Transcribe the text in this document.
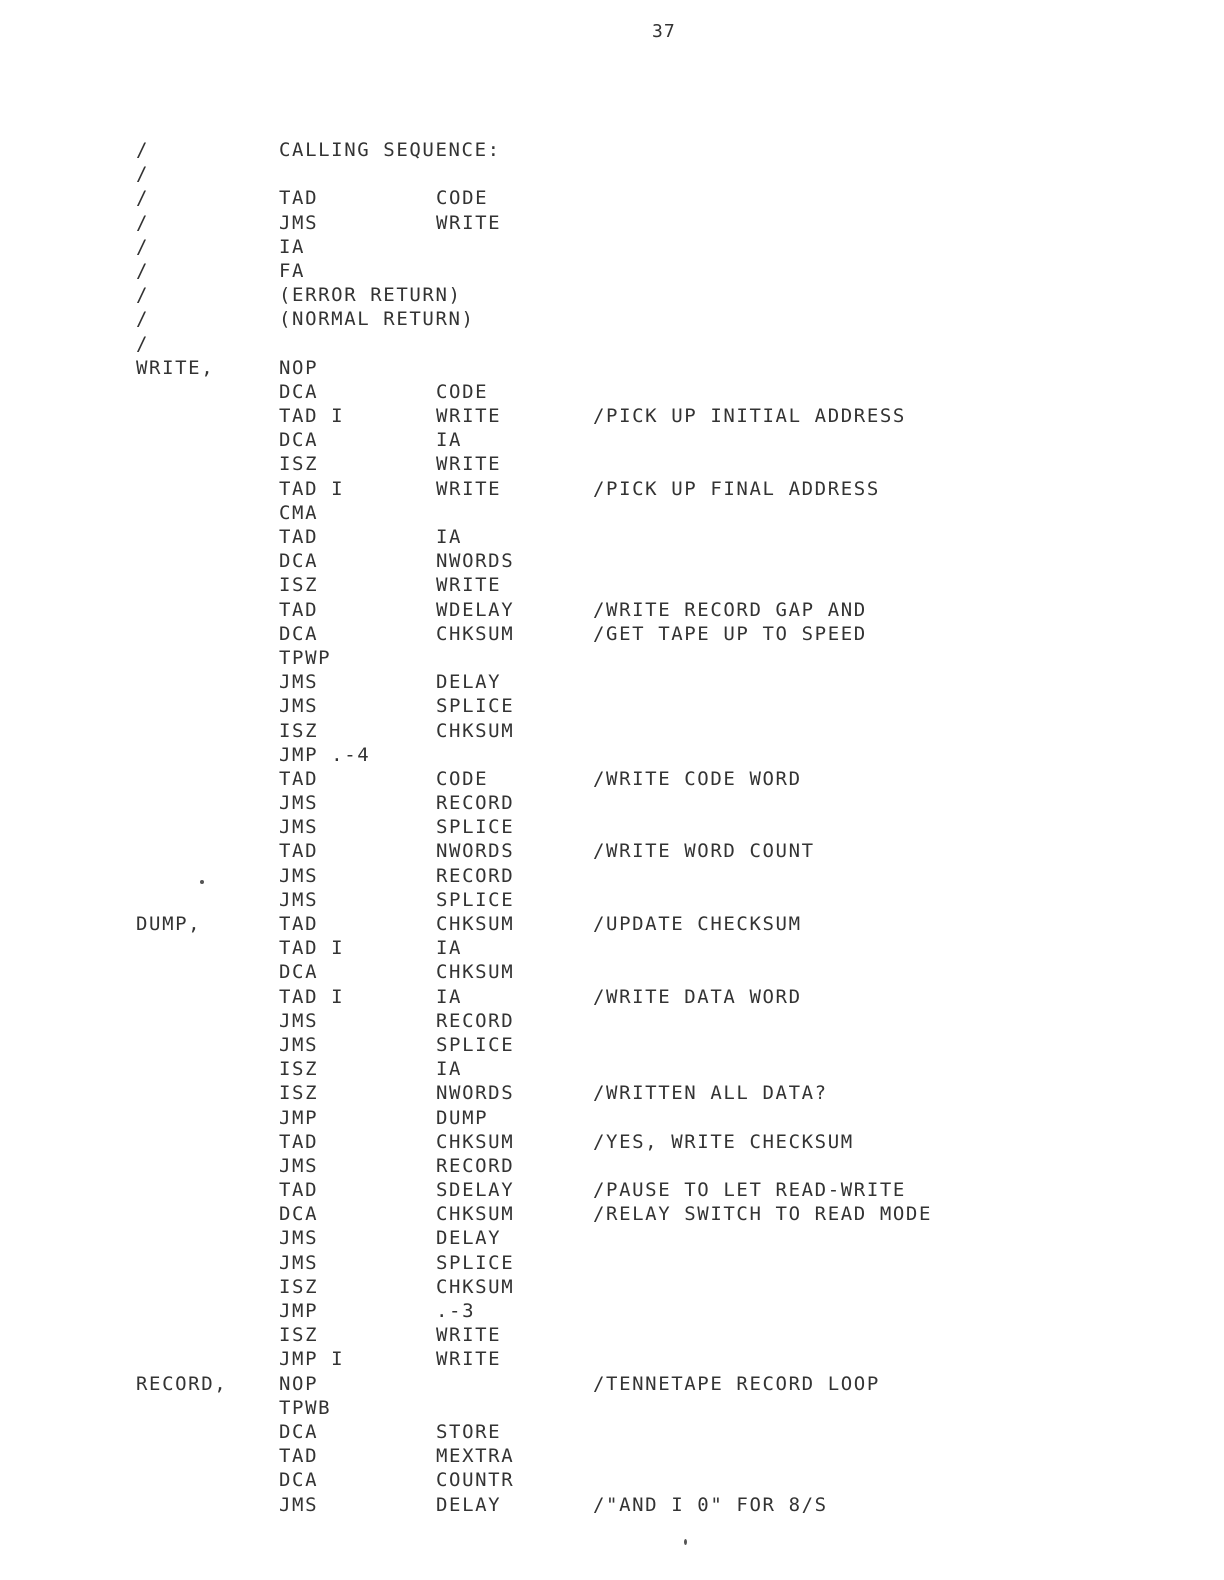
37
/	CALLING SEQUENCE:
/
/	TAD	CODE
/	JMS	WRITE
/	IA
/	FA
/	(ERROR RETURN)
/	(NORMAL RETURN)
/
WRITE,	NOP
DCA	CODE
TAD I	WRITE	/PICK UP INITIAL ADDRESS
DCA	IA
ISZ	WRITE
TAD I	WRITE	/PICK UP FINAL ADDRESS
CMA
TAD	IA
DCA	NWORDS
ISZ	WRITE
TAD	WDELAY	/WRITE RECORD GAP AND
DCA	CHKSUM	/GET TAPE UP TO SPEED
TPWP
JMS	DELAY
JMS	SPLICE
ISZ	CHKSUM
JMP .-4
TAD	CODE	/WRITE CODE WORD
JMS	RECORD
JMS	SPLICE
TAD	NWORDS	/WRITE WORD COUNT
JMS	RECORD
JMS	SPLICE
DUMP,	TAD	CHKSUM	/UPDATE CHECKSUM
TAD I	IA
DCA	CHKSUM
TAD I	IA	/WRITE DATA WORD
JMS	RECORD
JMS	SPLICE
ISZ	IA
ISZ	NWORDS	/WRITTEN ALL DATA?
JMP	DUMP
TAD	CHKSUM	/YES, WRITE CHECKSUM
JMS	RECORD
TAD	SDELAY	/PAUSE TO LET READ-WRITE
DCA	CHKSUM	/RELAY SWITCH TO READ MODE
JMS	DELAY
JMS	SPLICE
ISZ	CHKSUM
JMP	.-3
ISZ	WRITE
JMP I	WRITE
RECORD,	NOP	/TENNETAPE RECORD LOOP
TPWB
DCA	STORE
TAD	MEXTRA
DCA	COUNTR
JMS	DELAY	/"AND I 0" FOR 8/S
